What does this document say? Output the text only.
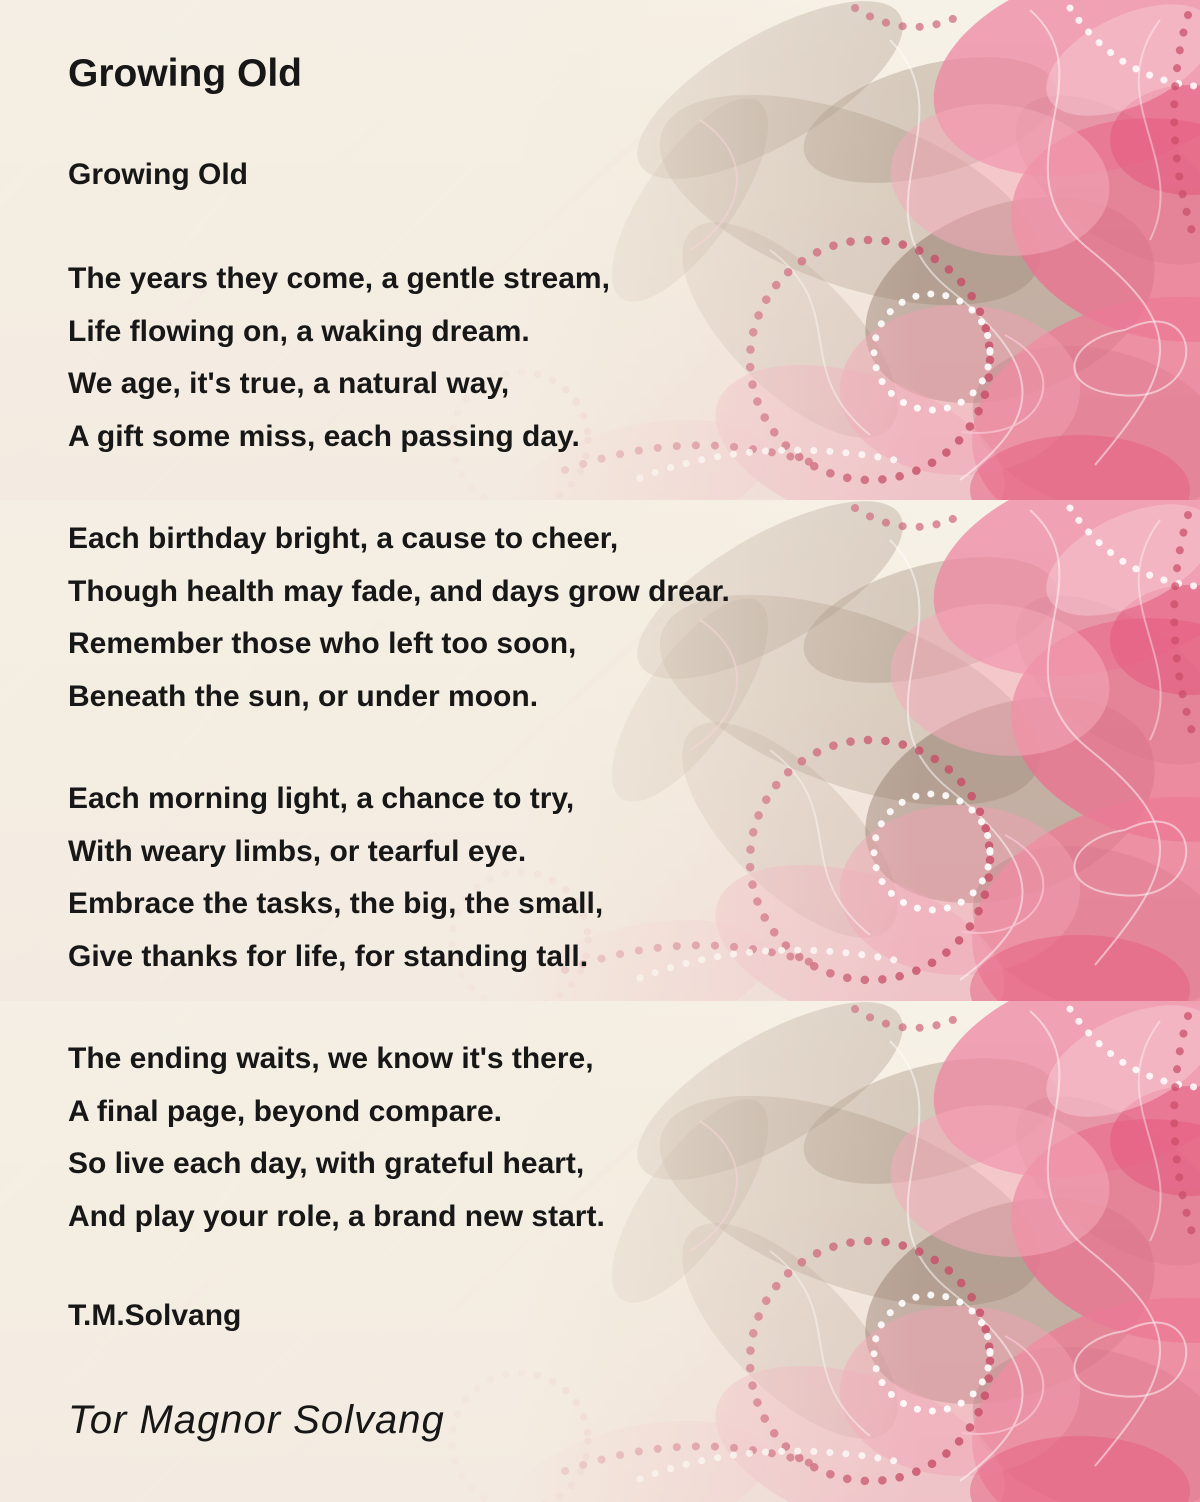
Growing Old
Growing Old
The years they come, a gentle stream,
Life flowing on, a waking dream.
We age, it's true, a natural way,
A gift some miss, each passing day.
Each birthday bright, a cause to cheer,
Though health may fade, and days grow drear.
Remember those who left too soon,
Beneath the sun, or under moon.
Each morning light, a chance to try,
With weary limbs, or tearful eye.
Embrace the tasks, the big, the small,
Give thanks for life, for standing tall.
The ending waits, we know it's there,
A final page, beyond compare.
So live each day, with grateful heart,
And play your role, a brand new start.
T.M.Solvang
Tor Magnor Solvang
